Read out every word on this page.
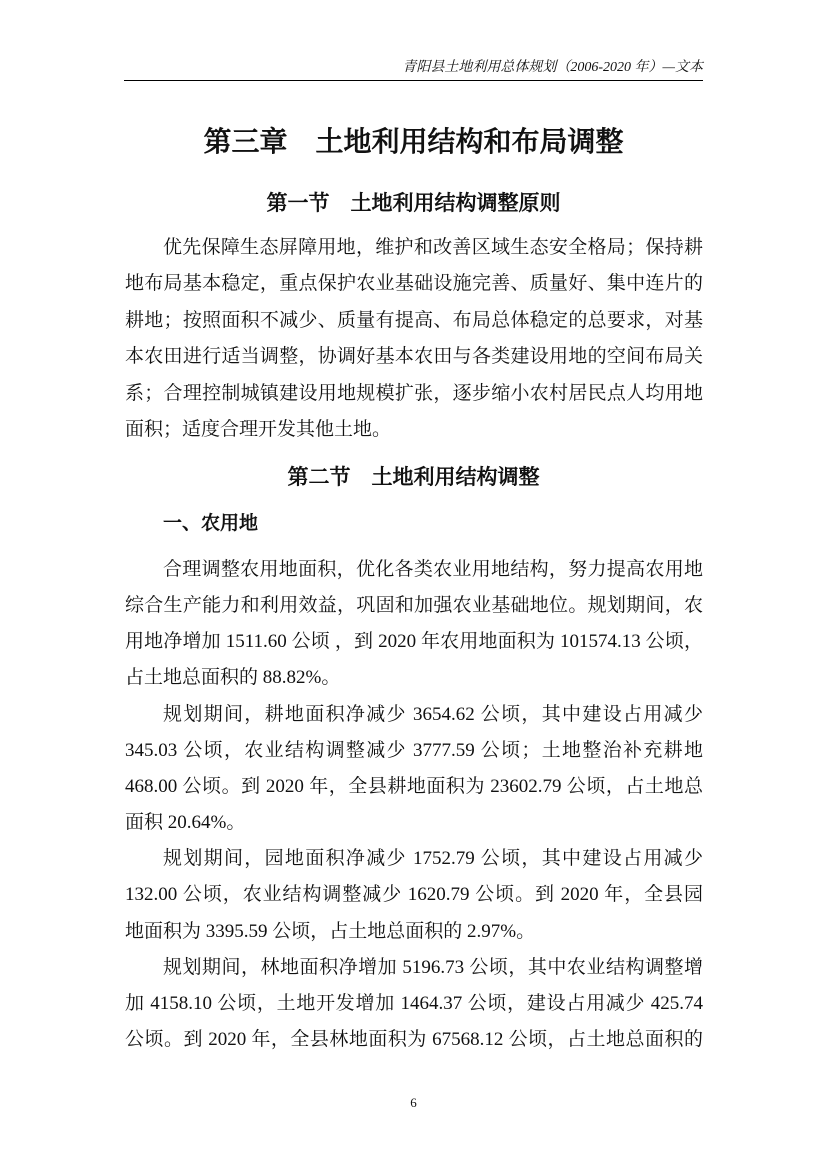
青阳县土地利用总体规划（2006-2020 年）—文本
第三章　土地利用结构和布局调整
第一节　土地利用结构调整原则
优先保障生态屏障用地，维护和改善区域生态安全格局；保持耕
地布局基本稳定，重点保护农业基础设施完善、质量好、集中连片的
耕地；按照面积不减少、质量有提高、布局总体稳定的总要求，对基
本农田进行适当调整，协调好基本农田与各类建设用地的空间布局关
系；合理控制城镇建设用地规模扩张，逐步缩小农村居民点人均用地
面积；适度合理开发其他土地。
第二节　土地利用结构调整
一、农用地
合理调整农用地面积，优化各类农业用地结构，努力提高农用地
综合生产能力和利用效益，巩固和加强农业基础地位。规划期间，农
用地净增加 1511.60 公顷 ，到 2020 年农用地面积为 101574.13 公顷，
占土地总面积的 88.82%。
规划期间，耕地面积净减少 3654.62 公顷，其中建设占用减少
345.03 公顷，农业结构调整减少 3777.59 公顷；土地整治补充耕地
468.00 公顷。到 2020 年，全县耕地面积为 23602.79 公顷，占土地总
面积 20.64%。
规划期间，园地面积净减少 1752.79 公顷，其中建设占用减少
132.00 公顷，农业结构调整减少 1620.79 公顷。到 2020 年，全县园
地面积为 3395.59 公顷，占土地总面积的 2.97%。
规划期间，林地面积净增加 5196.73 公顷，其中农业结构调整增
加 4158.10 公顷，土地开发增加 1464.37 公顷，建设占用减少 425.74
公顷。到 2020 年，全县林地面积为 67568.12 公顷，占土地总面积的
6
